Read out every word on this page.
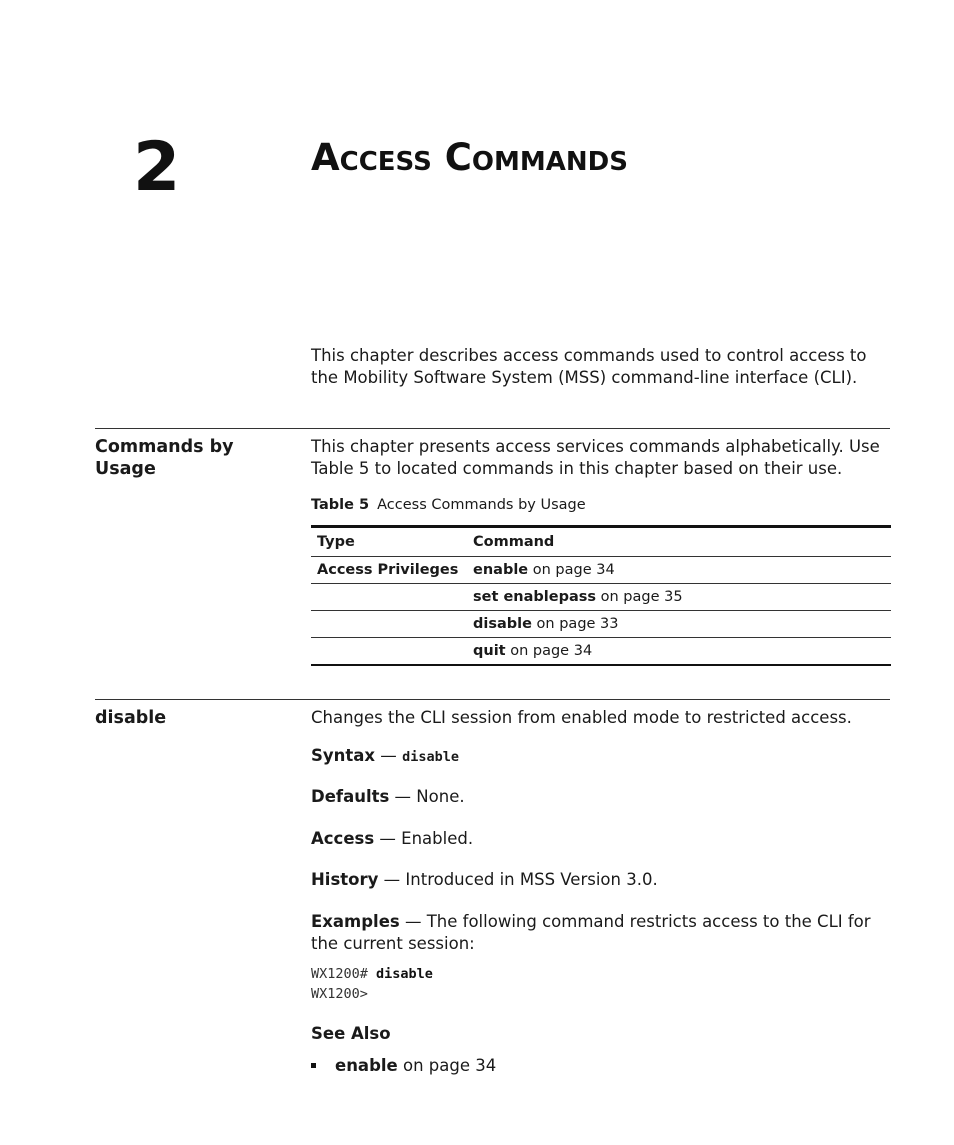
2	Access Commands
This chapter describes access commands used to control access to the Mobility Software System (MSS) command-line interface (CLI).
Commands by Usage
This chapter presents access services commands alphabetically. Use Table 5 to located commands in this chapter based on their use.
Table 5 Access Commands by Usage
Type	Command
Access Privileges	enable on page 34
	set enablepass on page 35
	disable on page 33
	quit on page 34
disable	Changes the CLI session from enabled mode to restricted access.
Syntax — disable
Defaults — None.
Access — Enabled.
History — Introduced in MSS Version 3.0.
Examples — The following command restricts access to the CLI for the current session:
WX1200# disable
WX1200>
See Also
enable on page 34
